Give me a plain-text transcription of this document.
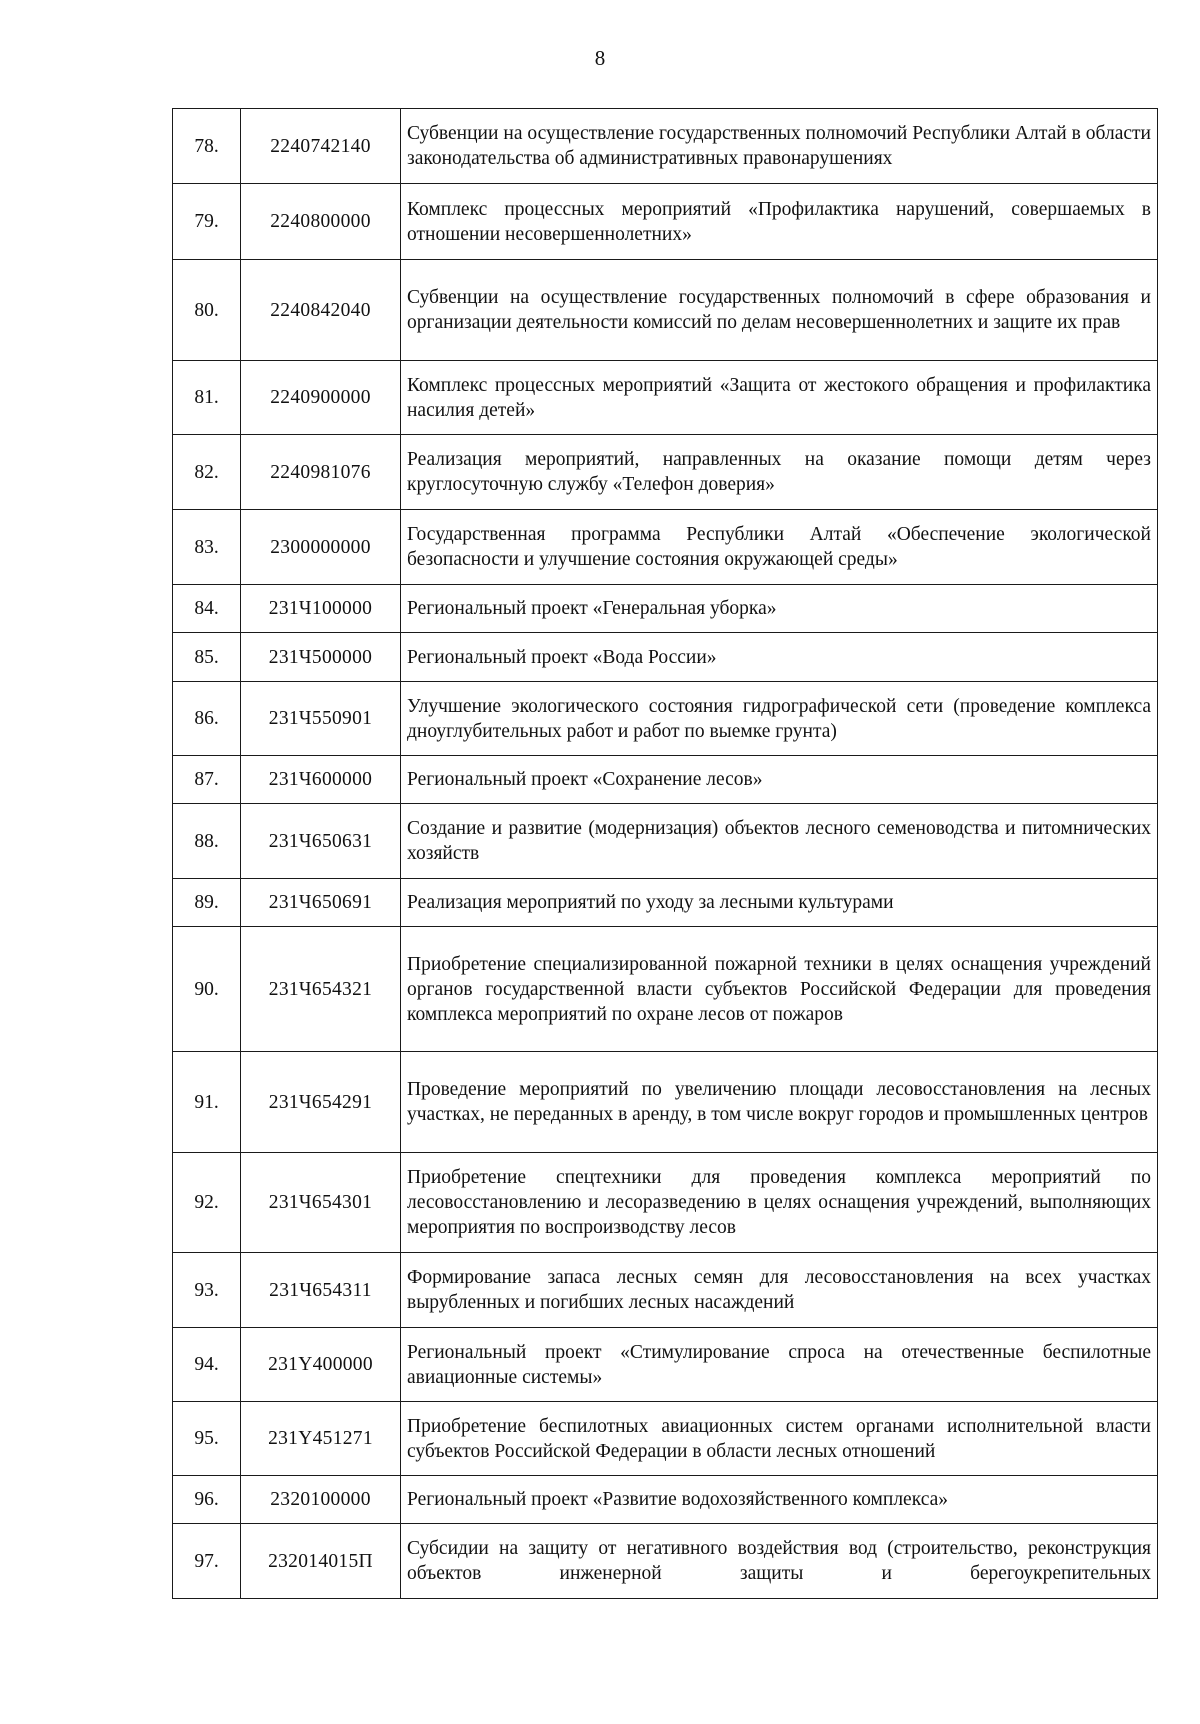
8
78.	2240742140	Субвенции на осуществление государственных полномочий Республики Алтай в области законодательства об административных правонарушениях
79.	2240800000	Комплекс процессных мероприятий «Профилактика нарушений, совершаемых в отношении несовершеннолетних»
80.	2240842040	Субвенции на осуществление государственных полномочий в сфере образования и организации деятельности комиссий по делам несовершеннолетних и защите их прав
81.	2240900000	Комплекс процессных мероприятий «Защита от жестокого обращения и профилактика насилия детей»
82.	2240981076	Реализация мероприятий, направленных на оказание помощи детям через круглосуточную службу «Телефон доверия»
83.	2300000000	Государственная программа Республики Алтай «Обеспечение экологической безопасности и улучшение состояния окружающей среды»
84.	231Ч100000	Региональный проект «Генеральная уборка»
85.	231Ч500000	Региональный проект «Вода России»
86.	231Ч550901	Улучшение экологического состояния гидрографической сети (проведение комплекса дноуглубительных работ и работ по выемке грунта)
87.	231Ч600000	Региональный проект «Сохранение лесов»
88.	231Ч650631	Создание и развитие (модернизация) объектов лесного семеноводства и питомнических хозяйств
89.	231Ч650691	Реализация мероприятий по уходу за лесными культурами
90.	231Ч654321	Приобретение специализированной пожарной техники в целях оснащения учреждений органов государственной власти субъектов Российской Федерации для проведения комплекса мероприятий по охране лесов от пожаров
91.	231Ч654291	Проведение мероприятий по увеличению площади лесовосстановления на лесных участках, не переданных в аренду, в том числе вокруг городов и промышленных центров
92.	231Ч654301	Приобретение спецтехники для проведения комплекса мероприятий по лесовосстановлению и лесоразведению в целях оснащения учреждений, выполняющих мероприятия по воспроизводству лесов
93.	231Ч654311	Формирование запаса лесных семян для лесовосстановления на всех участках вырубленных и погибших лесных насаждений
94.	231Y400000	Региональный проект «Стимулирование спроса на отечественные беспилотные авиационные системы»
95.	231Y451271	Приобретение беспилотных авиационных систем органами исполнительной власти субъектов Российской Федерации в области лесных отношений
96.	2320100000	Региональный проект «Развитие водохозяйственного комплекса»
97.	232014015П	Субсидии на защиту от негативного воздействия вод (строительство, реконструкция объектов инженерной защиты и берегоукрепительных
